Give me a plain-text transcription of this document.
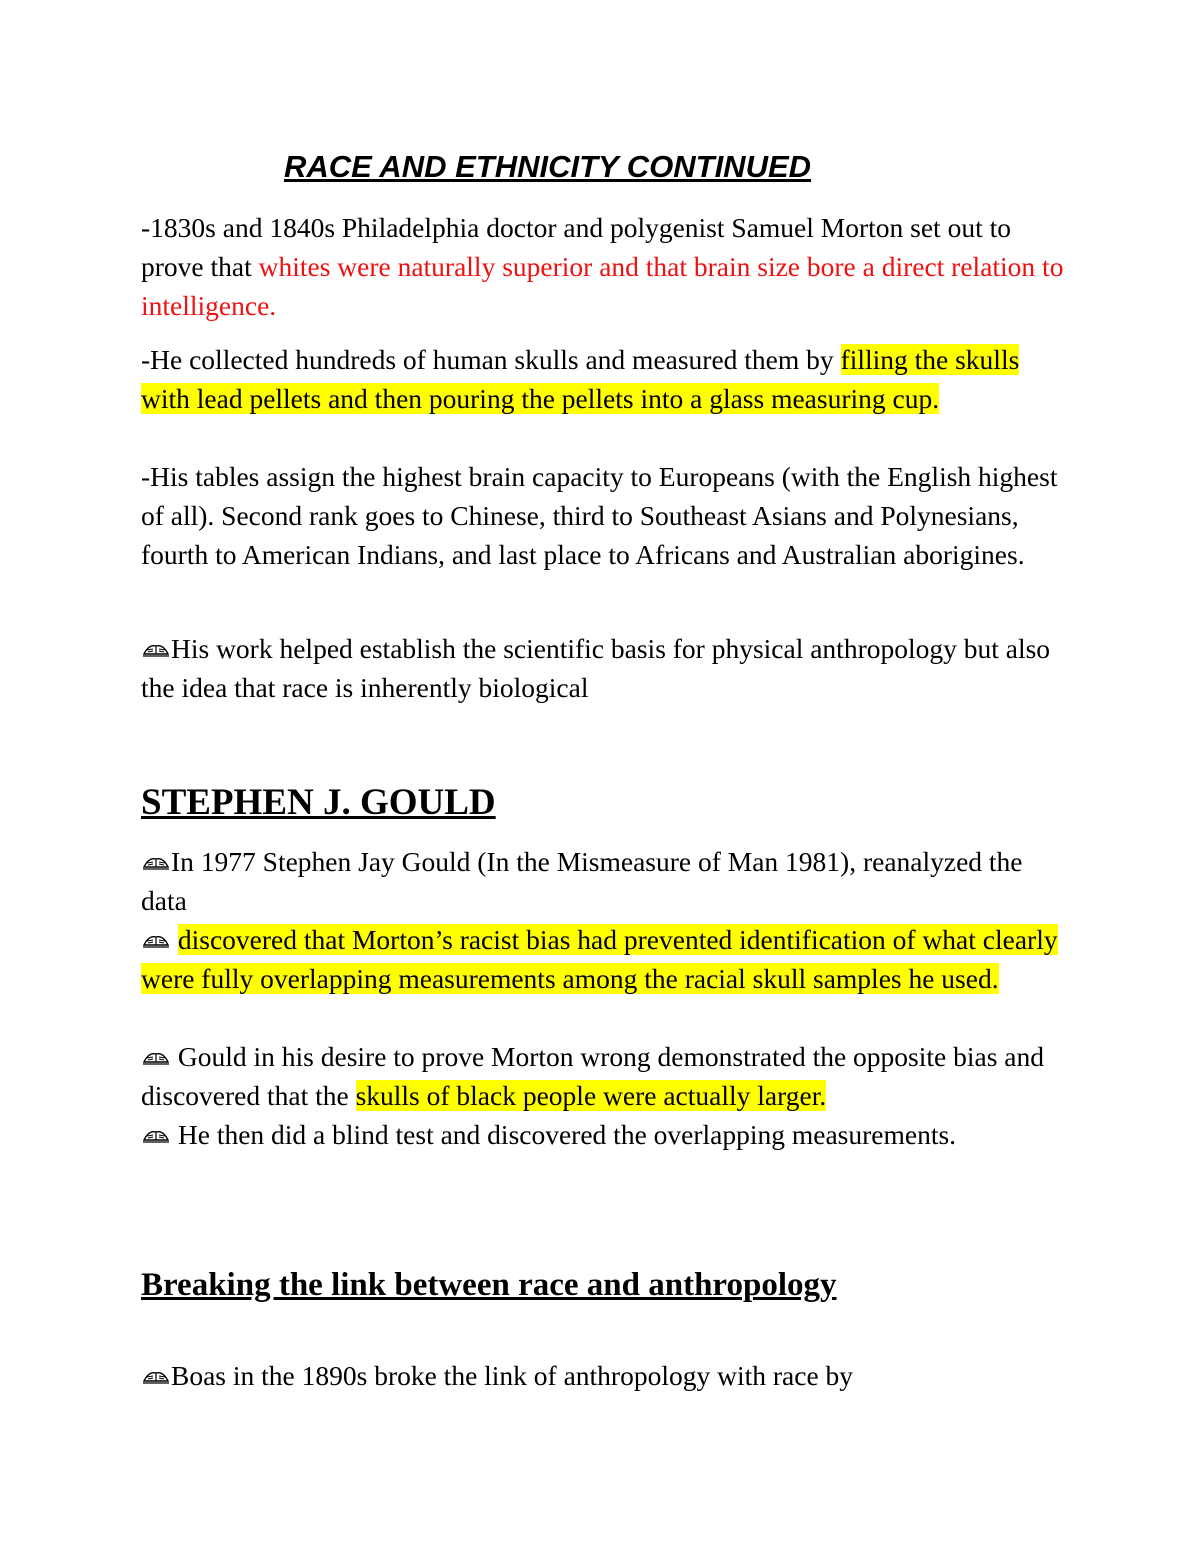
RACE AND ETHNICITY CONTINUED
-1830s and 1840s Philadelphia doctor and polygenist Samuel Morton set out to prove that whites were naturally superior and that brain size bore a direct relation to intelligence.
-He collected hundreds of human skulls and measured them by filling the skulls with lead pellets and then pouring the pellets into a glass measuring cup.
-His tables assign the highest brain capacity to Europeans (with the English highest of all). Second rank goes to Chinese, third to Southeast Asians and Polynesians, fourth to American Indians, and last place to Africans and Australian aborigines.
His work helped establish the scientific basis for physical anthropology but also the idea that race is inherently biological
STEPHEN J. GOULD
In 1977 Stephen Jay Gould (In the Mismeasure of Man 1981), reanalyzed the data
discovered that Morton’s racist bias had prevented identification of what clearly were fully overlapping measurements among the racial skull samples he used.
Gould in his desire to prove Morton wrong demonstrated the opposite bias and discovered that the skulls of black people were actually larger.
He then did a blind test and discovered the overlapping measurements.
Breaking the link between race and anthropology
Boas in the 1890s broke the link of anthropology with race by
